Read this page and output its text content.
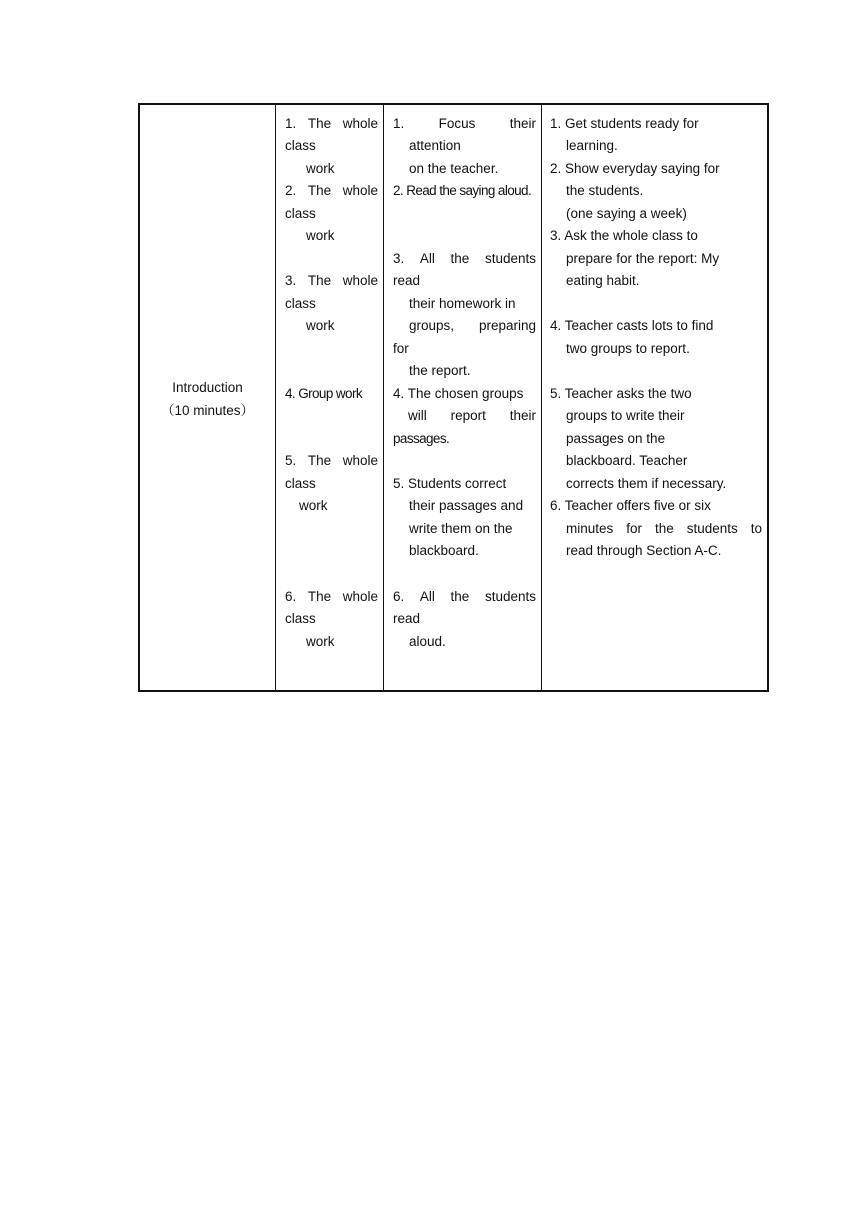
Introduction
（10 minutes）
1. The whole
class
work
2. The whole
class
work
3. The whole
class
work
4. Group work
5. The whole
class
work
6. The whole
class
work
1.	Focus	their
attention
on the teacher.
2. Read the saying aloud.
3. All the students
read
their homework in
groups, preparing
for
the report.
4. The chosen groups
will report their
passages.
5. Students correct
their passages and
write them on the
blackboard.
6. All the students
read
aloud.
1. Get students ready for
learning.
2. Show everyday saying for
the students.
(one saying a week)
3. Ask the whole class to
prepare for the report: My
eating habit.
4. Teacher casts lots to find
two groups to report.
5. Teacher asks the two
groups to write their
passages on the
blackboard. Teacher
corrects them if necessary.
6. Teacher offers five or six
minutes for the students to
read through Section A-C.
